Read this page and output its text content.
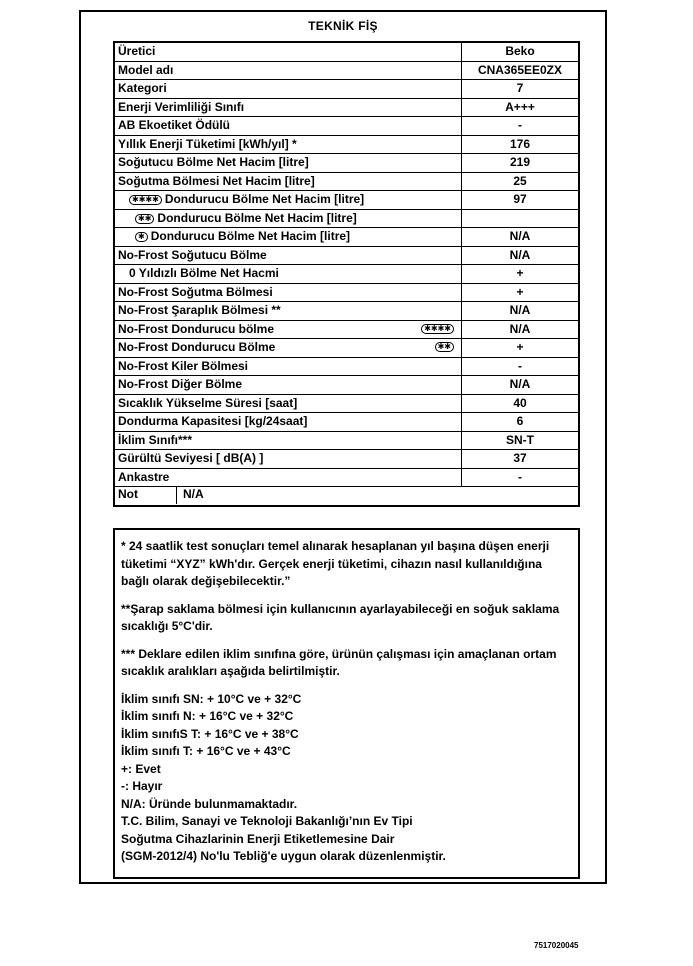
TEKNİK FİŞ
Üretici	Beko
Model adı	CNA365EE0ZX
Kategori	7
Enerji Verimliliği Sınıfı	A+++
AB Ekoetiket Ödülü	-
Yıllık Enerji Tüketimi [kWh/yıl] *	176
Soğutucu Bölme Net Hacim [litre]	219
Soğutma Bölmesi Net Hacim [litre]	25
✱✱✱✱ Dondurucu Bölme Net Hacim [litre]	97
✱✱ Dondurucu Bölme Net Hacim [litre]	
✱ Dondurucu Bölme Net Hacim [litre]	N/A
No-Frost Soğutucu Bölme	N/A
0 Yıldızlı Bölme Net Hacmi	+
No-Frost Soğutma Bölmesi	+
No-Frost Şaraplık Bölmesi **	N/A
No-Frost Dondurucu bölme ✱✱✱✱	N/A
No-Frost Dondurucu Bölme ✱✱	+
No-Frost Kiler Bölmesi	-
No-Frost Diğer Bölme	N/A
Sıcaklık Yükselme Süresi [saat]	40
Dondurma Kapasitesi [kg/24saat]	6
İklim Sınıfı***	SN-T
Gürültü Seviyesi [ dB(A) ]	37
Ankastre	-
Not N/A	

* 24 saatlik test sonuçları temel alınarak hesaplanan yıl başına düşen enerji tüketimi “XYZ” kWh'dır. Gerçek enerji tüketimi, cihazın nasıl kullanıldığına bağlı olarak değişebilecektir.”

**Şarap saklama bölmesi için kullanıcının ayarlayabileceği en soğuk saklama sıcaklığı 5°C'dir.

*** Deklare edilen iklim sınıfına göre, ürünün çalışması için amaçlanan ortam sıcaklık aralıkları aşağıda belirtilmiştir.

İklim sınıfı SN: + 10°C ve + 32°C
İklim sınıfı N: + 16°C ve + 32°C
İklim sınıfıS T: + 16°C ve + 38°C
İklim sınıfı T: + 16°C ve + 43°C
+: Evet
-: Hayır
N/A: Üründe bulunmamaktadır.
T.C. Bilim, Sanayi ve Teknoloji Bakanlığı’nın Ev Tipi
Soğutma Cihazlarinin Enerji Etiketlemesine Dair
(SGM-2012/4) No'lu Tebliğ'e uygun olarak düzenlenmiştir.
7517020045
